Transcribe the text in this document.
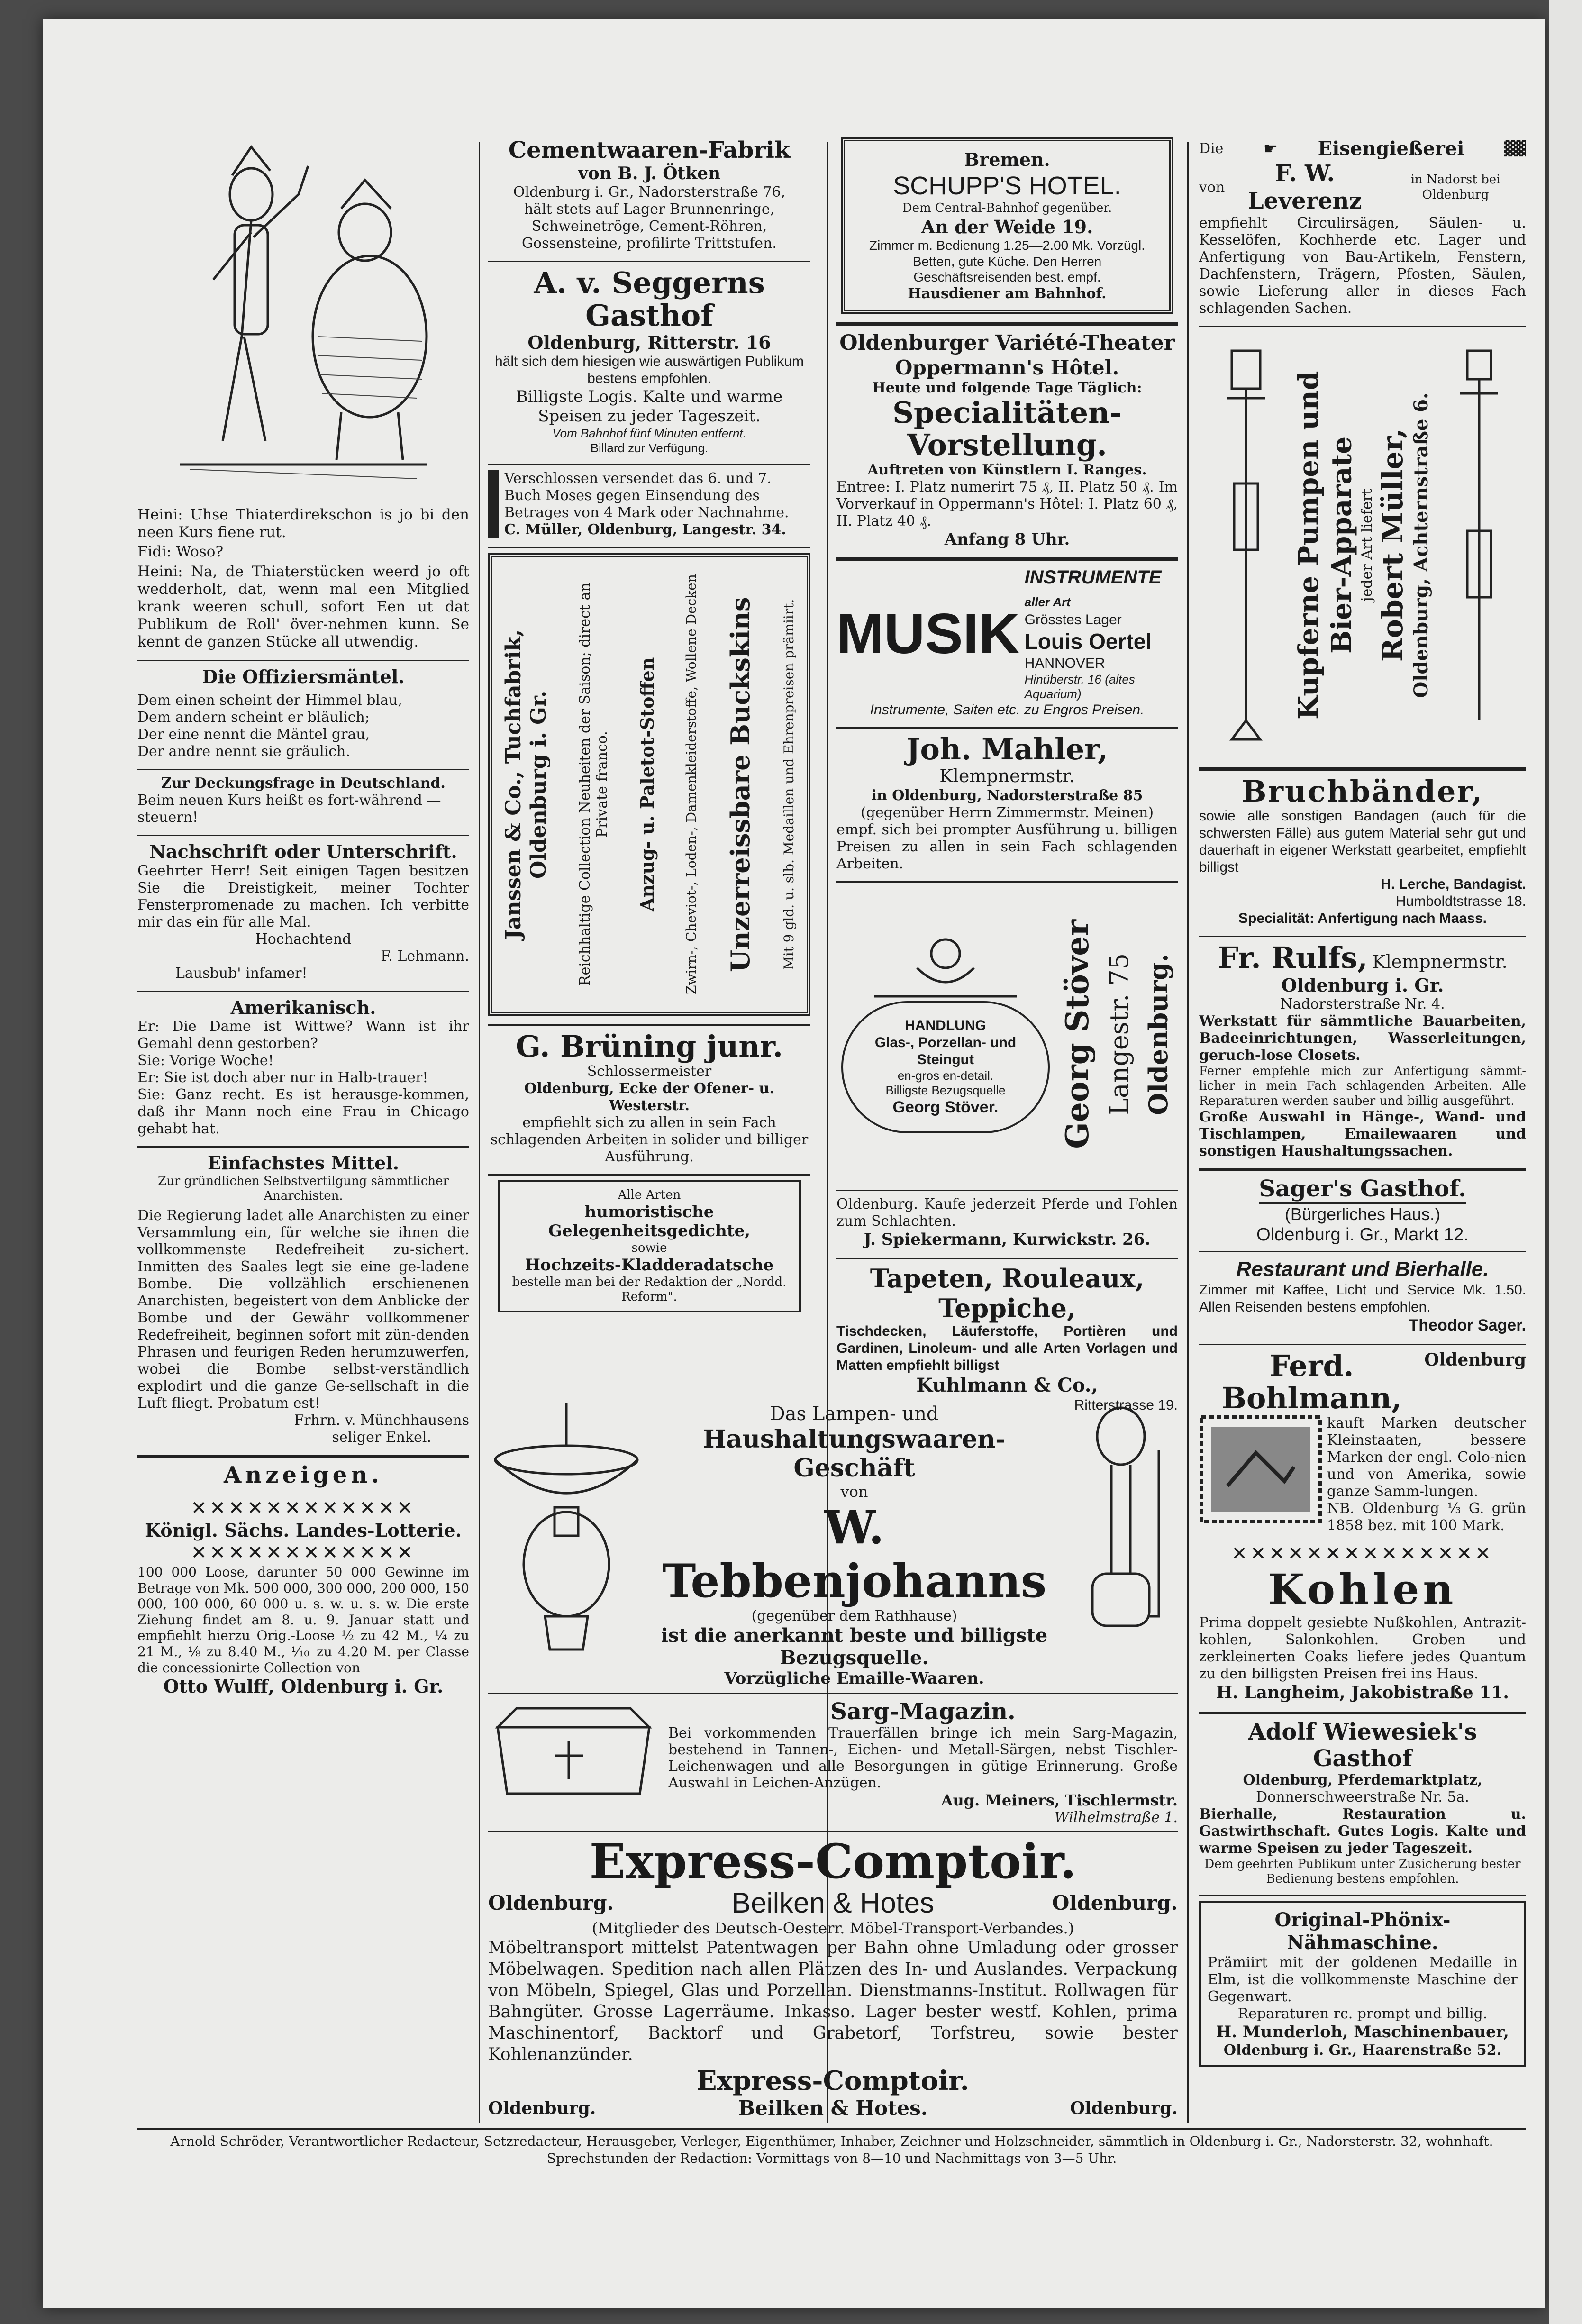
Heini: Uhse Thiaterdirekschon is jo bi den neen Kurs fiene rut.
Fidi: Woso?
Heini: Na, de Thiaterstücken weerd jo oft wedderholt, dat, wenn mal een Mitglied krank weeren schull, sofort Een ut dat Publikum de Roll' över-nehmen kunn. Se kennt de ganzen Stücke all utwendig.
Die Offiziersmäntel.
Dem einen scheint der Himmel blau,
Dem andern scheint er bläulich;
Der eine nennt die Mäntel grau,
Der andre nennt sie gräulich.
Zur Deckungsfrage in Deutschland.
Beim neuen Kurs heißt es fort-während — steuern!
Nachschrift oder Unterschrift.
Geehrter Herr! Seit einigen Tagen besitzen Sie die Dreistigkeit, meiner Tochter Fensterpromenade zu machen. Ich verbitte mir das ein für alle Mal.
Hochachtend
F. Lehmann.
Lausbub' infamer!
Amerikanisch.
Er: Die Dame ist Wittwe? Wann ist ihr Gemahl denn gestorben?
Sie: Vorige Woche!
Er: Sie ist doch aber nur in Halb-trauer!
Sie: Ganz recht. Es ist herausge-kommen, daß ihr Mann noch eine Frau in Chicago gehabt hat.
Einfachstes Mittel.
Zur gründlichen Selbstvertilgung sämmtlicher Anarchisten.
Die Regierung ladet alle Anarchisten zu einer Versammlung ein, für welche sie ihnen die vollkommenste Redefreiheit zu-sichert. Inmitten des Saales legt sie eine ge-ladene Bombe. Die vollzählich erschienenen Anarchisten, begeistert von dem Anblicke der Bombe und der Gewähr vollkommener Redefreiheit, beginnen sofort mit zün-denden Phrasen und feurigen Reden herumzuwerfen, wobei die Bombe selbst-verständlich explodirt und die ganze Ge-sellschaft in die Luft fliegt. Probatum est!
Frhrn. v. Münchhausens
seliger Enkel.
Anzeigen.
✕✕✕✕✕✕✕✕✕✕✕✕
Königl. Sächs. Landes-Lotterie.
✕✕✕✕✕✕✕✕✕✕✕✕
100 000 Loose, darunter 50 000 Gewinne im Betrage von Mk. 500 000, 300 000, 200 000, 150 000, 100 000, 60 000 u. s. w. u. s. w. Die erste Ziehung findet am 8. u. 9. Januar statt und empfiehlt hierzu Orig.-Loose ½ zu 42 M., ¼ zu 21 M., ⅛ zu 8.40 M., ⅒ zu 4.20 M. per Classe die concessionirte Collection von
Otto Wulff, Oldenburg i. Gr.
Cementwaaren-Fabrik
von B. J. Ötken
Oldenburg i. Gr., Nadorsterstraße 76,
hält stets auf Lager Brunnenringe, Schweinetröge, Cement-Röhren, Gossensteine, profilirte Trittstufen.
A. v. Seggerns Gasthof
Oldenburg, Ritterstr. 16
hält sich dem hiesigen wie auswärtigen Publikum bestens empfohlen.
Billigste Logis. Kalte und warme Speisen zu jeder Tageszeit.
Vom Bahnhof fünf Minuten entfernt.
Billard zur Verfügung.
Verschlossen versendet das 6. und 7. Buch Moses gegen Einsendung des Betrages von 4 Mark oder Nachnahme.
C. Müller, Oldenburg, Langestr. 34.
Janssen & Co., Tuchfabrik, Oldenburg i. Gr. Reichhaltige Collection Neuheiten der Saison; direct an Private franco. Anzug- u. Paletot-Stoffen Zwirn-, Cheviot-, Loden-, Damenkleiderstoffe, Wollene Decken Unzerreissbare Buckskins Mit 9 gld. u. slb. Medaillen und Ehrenpreisen prämiirt.
G. Brüning junr.
Schlossermeister
Oldenburg, Ecke der Ofener- u. Westerstr.
empfiehlt sich zu allen in sein Fach schlagenden Arbeiten in solider und billiger Ausführung.
Alle Arten
humoristische Gelegenheitsgedichte,
sowie
Hochzeits-Kladderadatsche
bestelle man bei der Redaktion der „Nordd. Reform".
Das Lampen- und
Haushaltungswaaren-Geschäft
von
W. Tebbenjohanns
(gegenüber dem Rathhause)
ist die anerkannt beste und billigste Bezugsquelle.
Vorzügliche Emaille-Waaren.
Sarg-Magazin.
Bei vorkommenden Trauerfällen bringe ich mein Sarg-Magazin, bestehend in Tannen-, Eichen- und Metall-Särgen, nebst Tischler-Leichenwagen und alle Besorgungen in gütige Erinnerung. Große Auswahl in Leichen-Anzügen.
Aug. Meiners, Tischlermstr.
Wilhelmstraße 1.
Express-Comptoir.
Oldenburg.	Beilken & Hotes	Oldenburg.
(Mitglieder des Deutsch-Oesterr. Möbel-Transport-Verbandes.)
Möbeltransport mittelst Patentwagen per Bahn ohne Umladung oder grosser Möbelwagen. Spedition nach allen Plätzen des In- und Auslandes. Verpackung von Möbeln, Spiegel, Glas und Porzellan. Dienstmanns-Institut. Rollwagen für Bahngüter. Grosse Lagerräume. Inkasso. Lager bester westf. Kohlen, prima Maschinentorf, Backtorf und Grabetorf, Torfstreu, sowie bester Kohlenanzünder.
Express-Comptoir.
Oldenburg.	Beilken & Hotes.	Oldenburg.
Bremen.
SCHUPP'S HOTEL.
Dem Central-Bahnhof gegenüber.
An der Weide 19.
Zimmer m. Bedienung 1.25—2.00 Mk. Vorzügl. Betten, gute Küche. Den Herren Geschäftsreisenden best. empf.
Hausdiener am Bahnhof.
Oldenburger Variété-Theater
Oppermann's Hôtel.
Heute und folgende Tage Täglich:
Specialitäten-Vorstellung.
Auftreten von Künstlern I. Ranges.
Entree: I. Platz numerirt 75 ₰, II. Platz 50 ₰. Im Vorverkauf in Oppermann's Hôtel: I. Platz 60 ₰, II. Platz 40 ₰.
Anfang 8 Uhr.
MUSIK
INSTRUMENTE aller Art
Grösstes Lager
Louis Oertel
HANNOVER
Hinüberstr. 16 (altes Aquarium)
Instrumente, Saiten etc. zu Engros Preisen.
Joh. Mahler, Klempnermstr.
in Oldenburg, Nadorsterstraße 85
(gegenüber Herrn Zimmermstr. Meinen)
empf. sich bei prompter Ausführung u. billigen Preisen zu allen in sein Fach schlagenden Arbeiten.
HANDLUNG
Glas-, Porzellan- und Steingut
en-gros en-detail.
Billigste Bezugsquelle
Georg Stöver.	Georg Stöver Langestr. 75 Oldenburg.
Oldenburg. Kaufe jederzeit Pferde und Fohlen zum Schlachten.
J. Spiekermann, Kurwickstr. 26.
Tapeten, Rouleaux, Teppiche,
Tischdecken, Läuferstoffe, Portièren und Gardinen, Linoleum- und alle Arten Vorlagen und Matten empfiehlt billigst
Kuhlmann & Co.,
Ritterstrasse 19.
Die ☛ Eisengießerei	▓▓
von
F. W. Leverenz
in Nadorst bei Oldenburg
empfiehlt Circulirsägen, Säulen- u. Kesselöfen, Kochherde etc. Lager und Anfertigung von Bau-Artikeln, Fenstern, Dachfenstern, Trägern, Pfosten, Säulen, sowie Lieferung aller in dieses Fach schlagenden Sachen.
Kupferne Pumpen und Bier-Apparate jeder Art liefert Robert Müller, Oldenburg, Achternstraße 6.
Bruchbänder,
sowie alle sonstigen Bandagen (auch für die schwersten Fälle) aus gutem Material sehr gut und dauerhaft in eigener Werkstatt gearbeitet, empfiehlt billigst
H. Lerche, Bandagist.
Humboldtstrasse 18.
Specialität: Anfertigung nach Maass.
Fr. Rulfs, Klempnermstr.
Oldenburg i. Gr.
Nadorsterstraße Nr. 4.
Werkstatt für sämmtliche Bauarbeiten, Badeeinrichtungen, Wasserleitungen, geruch-lose Closets.
Ferner empfehle mich zur Anfertigung sämmt-licher in mein Fach schlagenden Arbeiten. Alle Reparaturen werden sauber und billig ausgeführt.
Große Auswahl in Hänge-, Wand- und Tischlampen, Emailewaaren und sonstigen Haushaltungssachen.
Sager's Gasthof.
(Bürgerliches Haus.)
Oldenburg i. Gr., Markt 12.
Restaurant und Bierhalle.
Zimmer mit Kaffee, Licht und Service Mk. 1.50. Allen Reisenden bestens empfohlen.
Theodor Sager.
Ferd. Bohlmann,
Oldenburg
kauft Marken deutscher Kleinstaaten, bessere Marken der engl. Colo-nien und von Amerika, sowie ganze Samm-lungen.
NB. Oldenburg ⅓ G. grün 1858 bez. mit 100 Mark.
✕✕✕✕✕✕✕✕✕✕✕✕✕✕
Kohlen
Prima doppelt gesiebte Nußkohlen, Antrazit-kohlen, Salonkohlen. Groben und zerkleinerten Coaks liefere jedes Quantum zu den billigsten Preisen frei ins Haus.
H. Langheim, Jakobistraße 11.
Adolf Wiewesiek's Gasthof
Oldenburg, Pferdemarktplatz,
Donnerschweerstraße Nr. 5a.
Bierhalle, Restauration u. Gastwirthschaft. Gutes Logis. Kalte und warme Speisen zu jeder Tageszeit.
Dem geehrten Publikum unter Zusicherung bester Bedienung bestens empfohlen.
Original-Phönix-Nähmaschine.
Prämiirt mit der goldenen Medaille in Elm, ist die vollkommenste Maschine der Gegenwart.
Reparaturen rc. prompt und billig.
H. Munderloh, Maschinenbauer,
Oldenburg i. Gr., Haarenstraße 52.
Arnold Schröder, Verantwortlicher Redacteur, Setzredacteur, Herausgeber, Verleger, Eigenthümer, Inhaber, Zeichner und Holzschneider, sämmtlich in Oldenburg i. Gr., Nadorsterstr. 32, wohnhaft.
Sprechstunden der Redaction: Vormittags von 8—10 und Nachmittags von 3—5 Uhr.
